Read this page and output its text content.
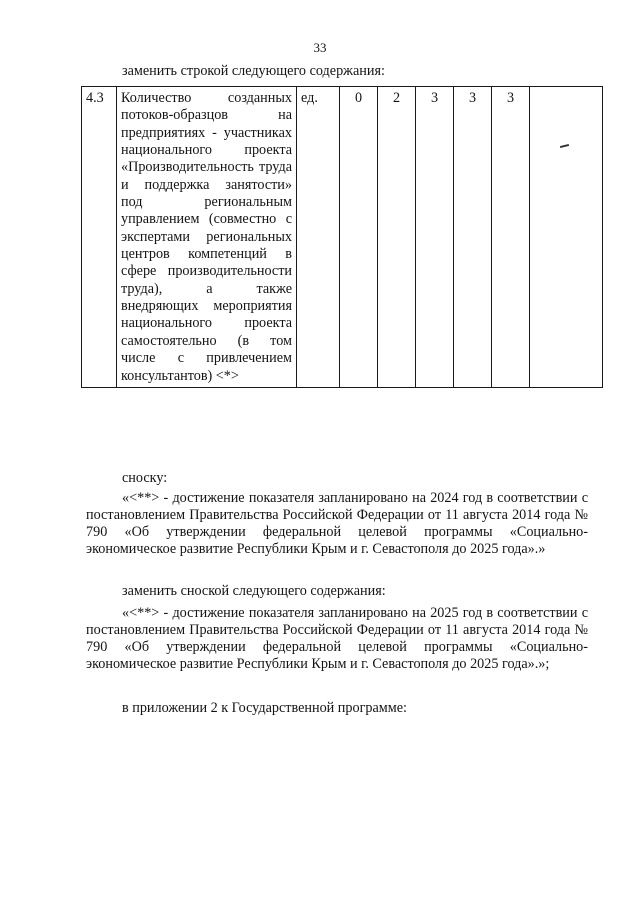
33

заменить строкой следующего содержания:

4.3	Количество созданных потоков-образцов на предприятиях - участниках национального проекта «Производительность труда и поддержка занятости» под региональным управлением (совместно с экспертами региональных центров компетенций в сфере производительности труда), а также внедряющих мероприятия национального проекта самостоятельно (в том числе с привлечением консультантов) <*>	ед.	0	2	3	3	3	

сноску:

«<**> - достижение показателя запланировано на 2024 год в соответствии с постановлением Правительства Российской Федерации от 11 августа 2014 года № 790 «Об утверждении федеральной целевой программы «Социально-экономическое развитие Республики Крым и г. Севастополя до 2025 года».»

заменить сноской следующего содержания:

«<**> - достижение показателя запланировано на 2025 год в соответствии с постановлением Правительства Российской Федерации от 11 августа 2014 года № 790 «Об утверждении федеральной целевой программы «Социально-экономическое развитие Республики Крым и г. Севастополя до 2025 года».»;

в приложении 2 к Государственной программе:
